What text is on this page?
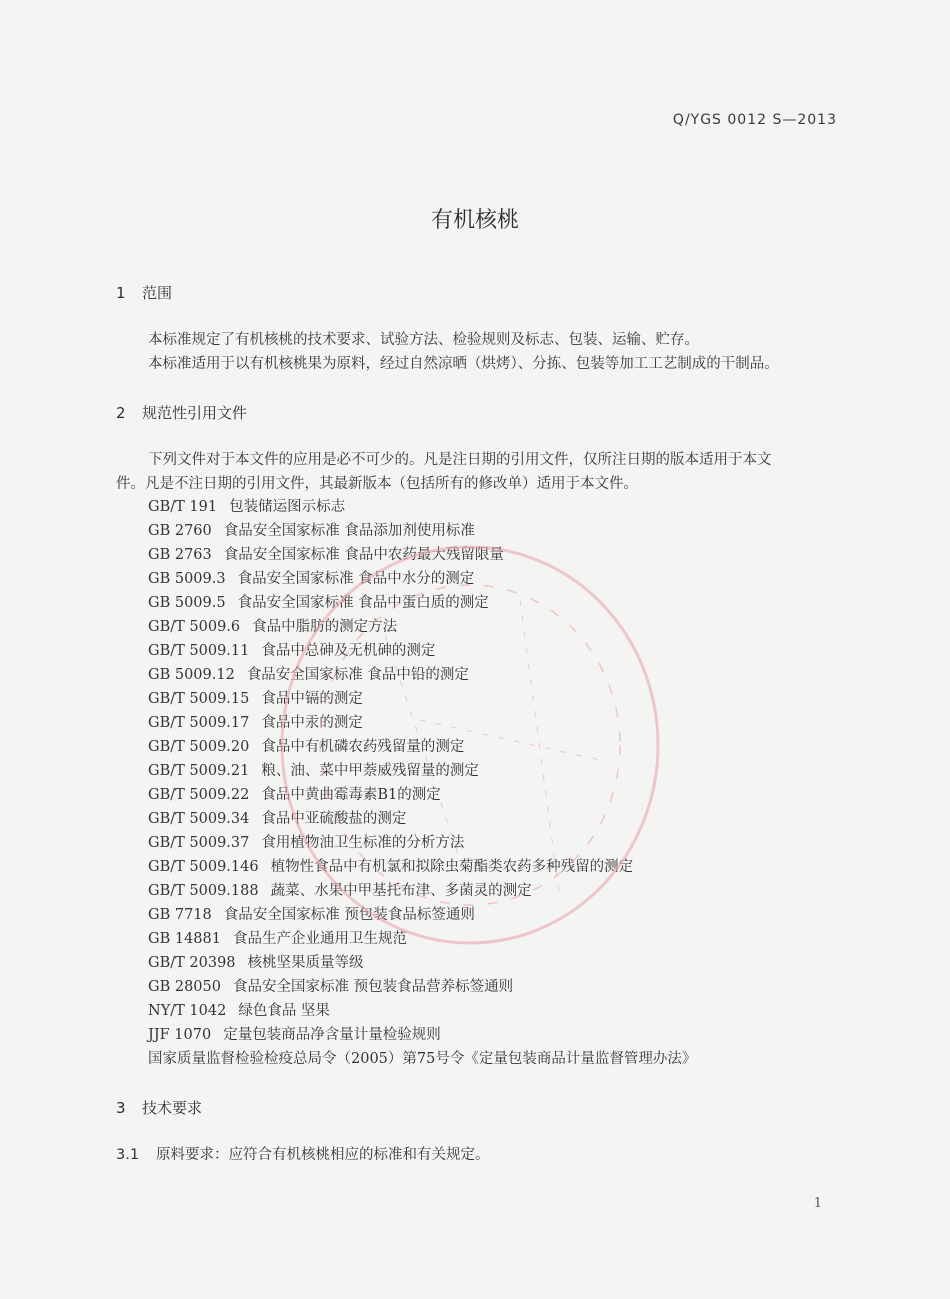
Q/YGS 0012 S—2013
有机核桃
1 范围
本标准规定了有机核桃的技术要求、试验方法、检验规则及标志、包装、运输、贮存。
本标准适用于以有机核桃果为原料，经过自然凉晒（烘烤）、分拣、包装等加工工艺制成的干制品。
2 规范性引用文件
下列文件对于本文件的应用是必不可少的。凡是注日期的引用文件，仅所注日期的版本适用于本文
件。凡是不注日期的引用文件，其最新版本（包括所有的修改单）适用于本文件。
GB/T 191 包装储运图示标志
GB 2760 食品安全国家标准 食品添加剂使用标准
GB 2763 食品安全国家标准 食品中农药最大残留限量
GB 5009.3 食品安全国家标准 食品中水分的测定
GB 5009.5 食品安全国家标准 食品中蛋白质的测定
GB/T 5009.6 食品中脂肪的测定方法
GB/T 5009.11 食品中总砷及无机砷的测定
GB 5009.12 食品安全国家标准 食品中铅的测定
GB/T 5009.15 食品中镉的测定
GB/T 5009.17 食品中汞的测定
GB/T 5009.20 食品中有机磷农药残留量的测定
GB/T 5009.21 粮、油、菜中甲萘威残留量的测定
GB/T 5009.22 食品中黄曲霉毒素B1的测定
GB/T 5009.34 食品中亚硫酸盐的测定
GB/T 5009.37 食用植物油卫生标准的分析方法
GB/T 5009.146 植物性食品中有机氯和拟除虫菊酯类农药多种残留的测定
GB/T 5009.188 蔬菜、水果中甲基托布津、多菌灵的测定
GB 7718 食品安全国家标准 预包装食品标签通则
GB 14881 食品生产企业通用卫生规范
GB/T 20398 核桃坚果质量等级
GB 28050 食品安全国家标准 预包装食品营养标签通则
NY/T 1042 绿色食品 坚果
JJF 1070 定量包装商品净含量计量检验规则
国家质量监督检验检疫总局令（2005）第75号令《定量包装商品计量监督管理办法》
3 技术要求
3.1 原料要求：应符合有机核桃相应的标准和有关规定。
1
